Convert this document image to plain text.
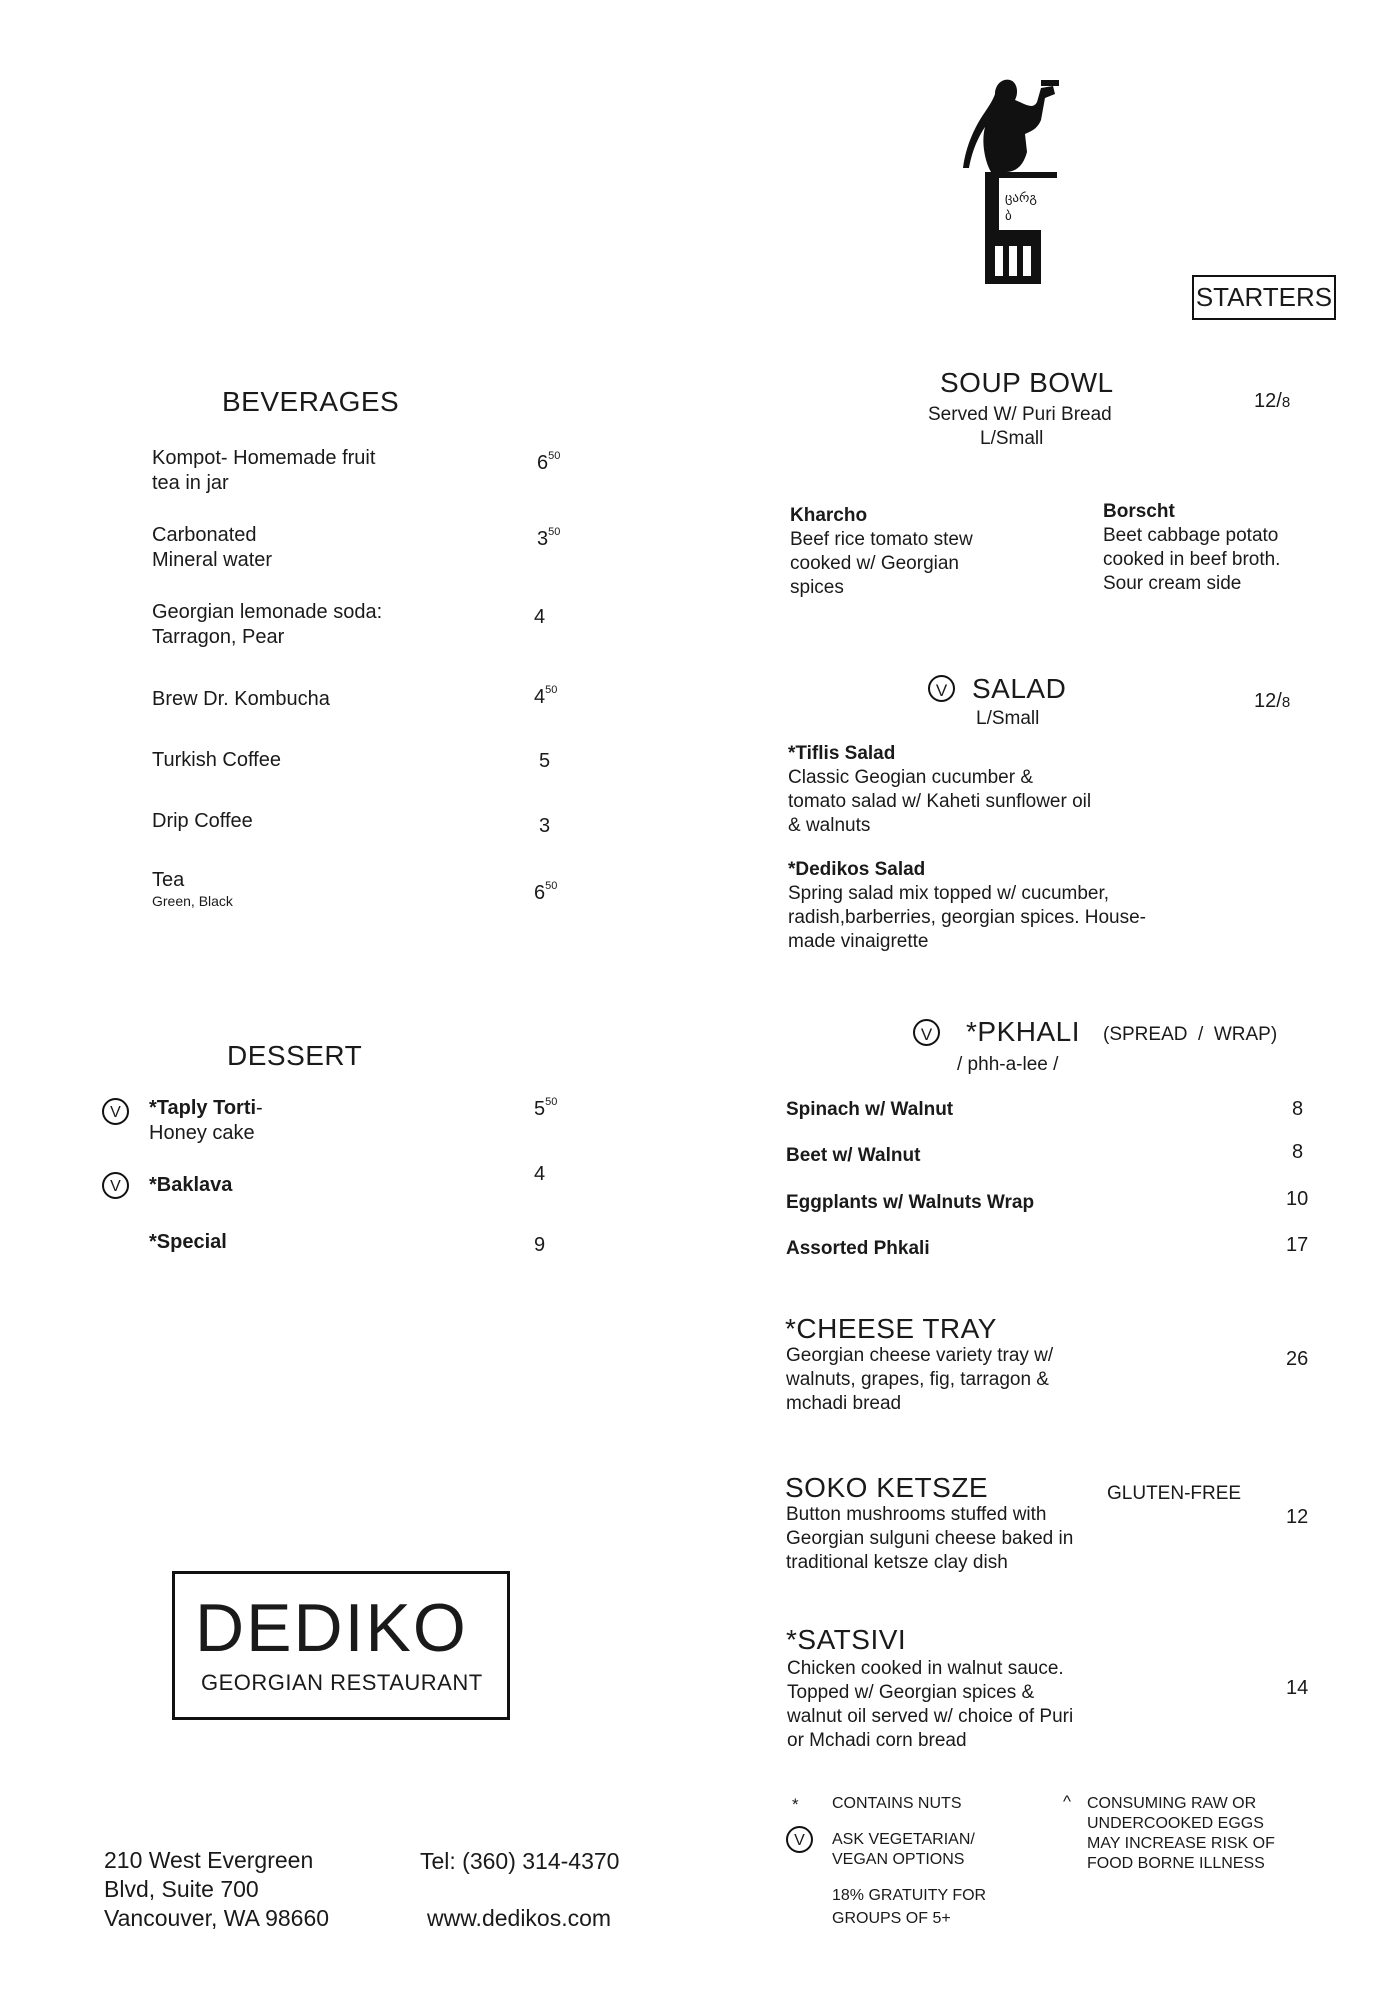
ცარგ
ბ
STARTERS
BEVERAGES
Kompot- Homemade fruit
tea in jar
$6^{50}$
Carbonated
Mineral water
$3^{50}$
Georgian lemonade soda:
Tarragon, Pear
4
Brew Dr. Kombucha	$4^{50}$
Turkish Coffee	5
Drip Coffee	3
Tea
Green, Black	$6^{50}$
DESSERT
V	*Taply Torti-
Honey cake
$5^{50}$
V	*Baklava	4
*Special	9
SOUP BOWL
Served W/ Puri Bread
L/Small
12/8
Kharcho
Beef rice tomato stew
cooked w/ Georgian
spices
Borscht
Beet cabbage potato
cooked in beef broth.
Sour cream side
V SALAD
L/Small
12/8
*Tiflis Salad
Classic Geogian cucumber &
tomato salad w/ Kaheti sunflower oil
& walnuts
*Dedikos Salad
Spring salad mix topped w/ cucumber,
radish,barberries, georgian spices. House-
made vinaigrette
V *PKHALI (SPREAD  /  WRAP)
/ phh-a-lee /
Spinach w/ Walnut	8
Beet w/ Walnut	8
Eggplants w/ Walnuts Wrap	10
Assorted Phkali	17
*CHEESE TRAY
Georgian cheese variety tray w/
walnuts, grapes, fig, tarragon &
mchadi bread
26
SOKO KETSZE	GLUTEN-FREE
Button mushrooms stuffed with
Georgian sulguni cheese baked in
traditional ketsze clay dish
12
*SATSIVI
Chicken cooked in walnut sauce.
Topped w/ Georgian spices &
walnut oil served w/ choice of Puri
or Mchadi corn bread
14
DEDIKO
GEORGIAN RESTAURANT
210 West Evergreen
Blvd, Suite 700
Vancouver, WA 98660
Tel: (360) 314-4370
www.dedikos.com
* CONTAINS NUTS
V	ASK VEGETARIAN/
VEGAN OPTIONS
18% GRATUITY FOR
GROUPS OF 5+
^ CONSUMING RAW OR
UNDERCOOKED EGGS
MAY INCREASE RISK OF
FOOD BORNE ILLNESS
